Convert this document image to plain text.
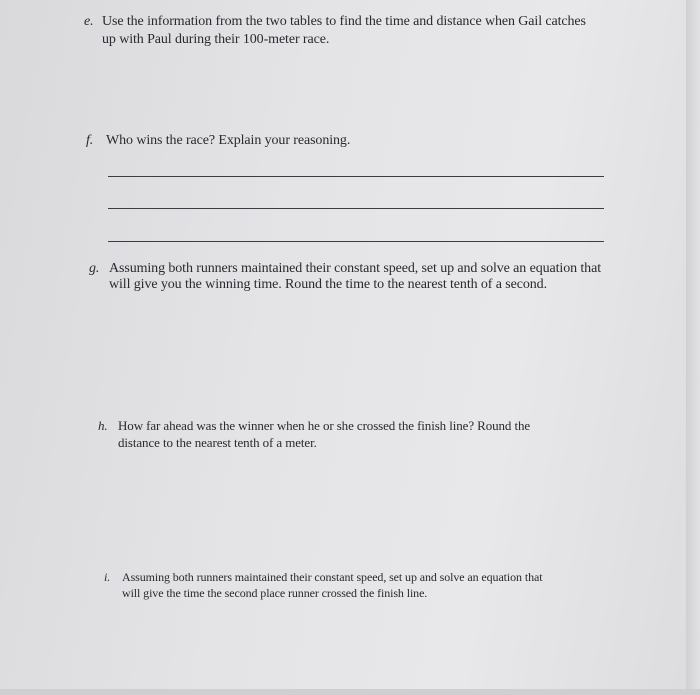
e. Use the information from the two tables to find the time and distance when Gail catches
up with Paul during their 100-meter race.
f. Who wins the race? Explain your reasoning.
g. Assuming both runners maintained their constant speed, set up and solve an equation that
will give you the winning time. Round the time to the nearest tenth of a second.
h. How far ahead was the winner when he or she crossed the finish line? Round the
distance to the nearest tenth of a meter.
i. Assuming both runners maintained their constant speed, set up and solve an equation that
will give the time the second place runner crossed the finish line.
